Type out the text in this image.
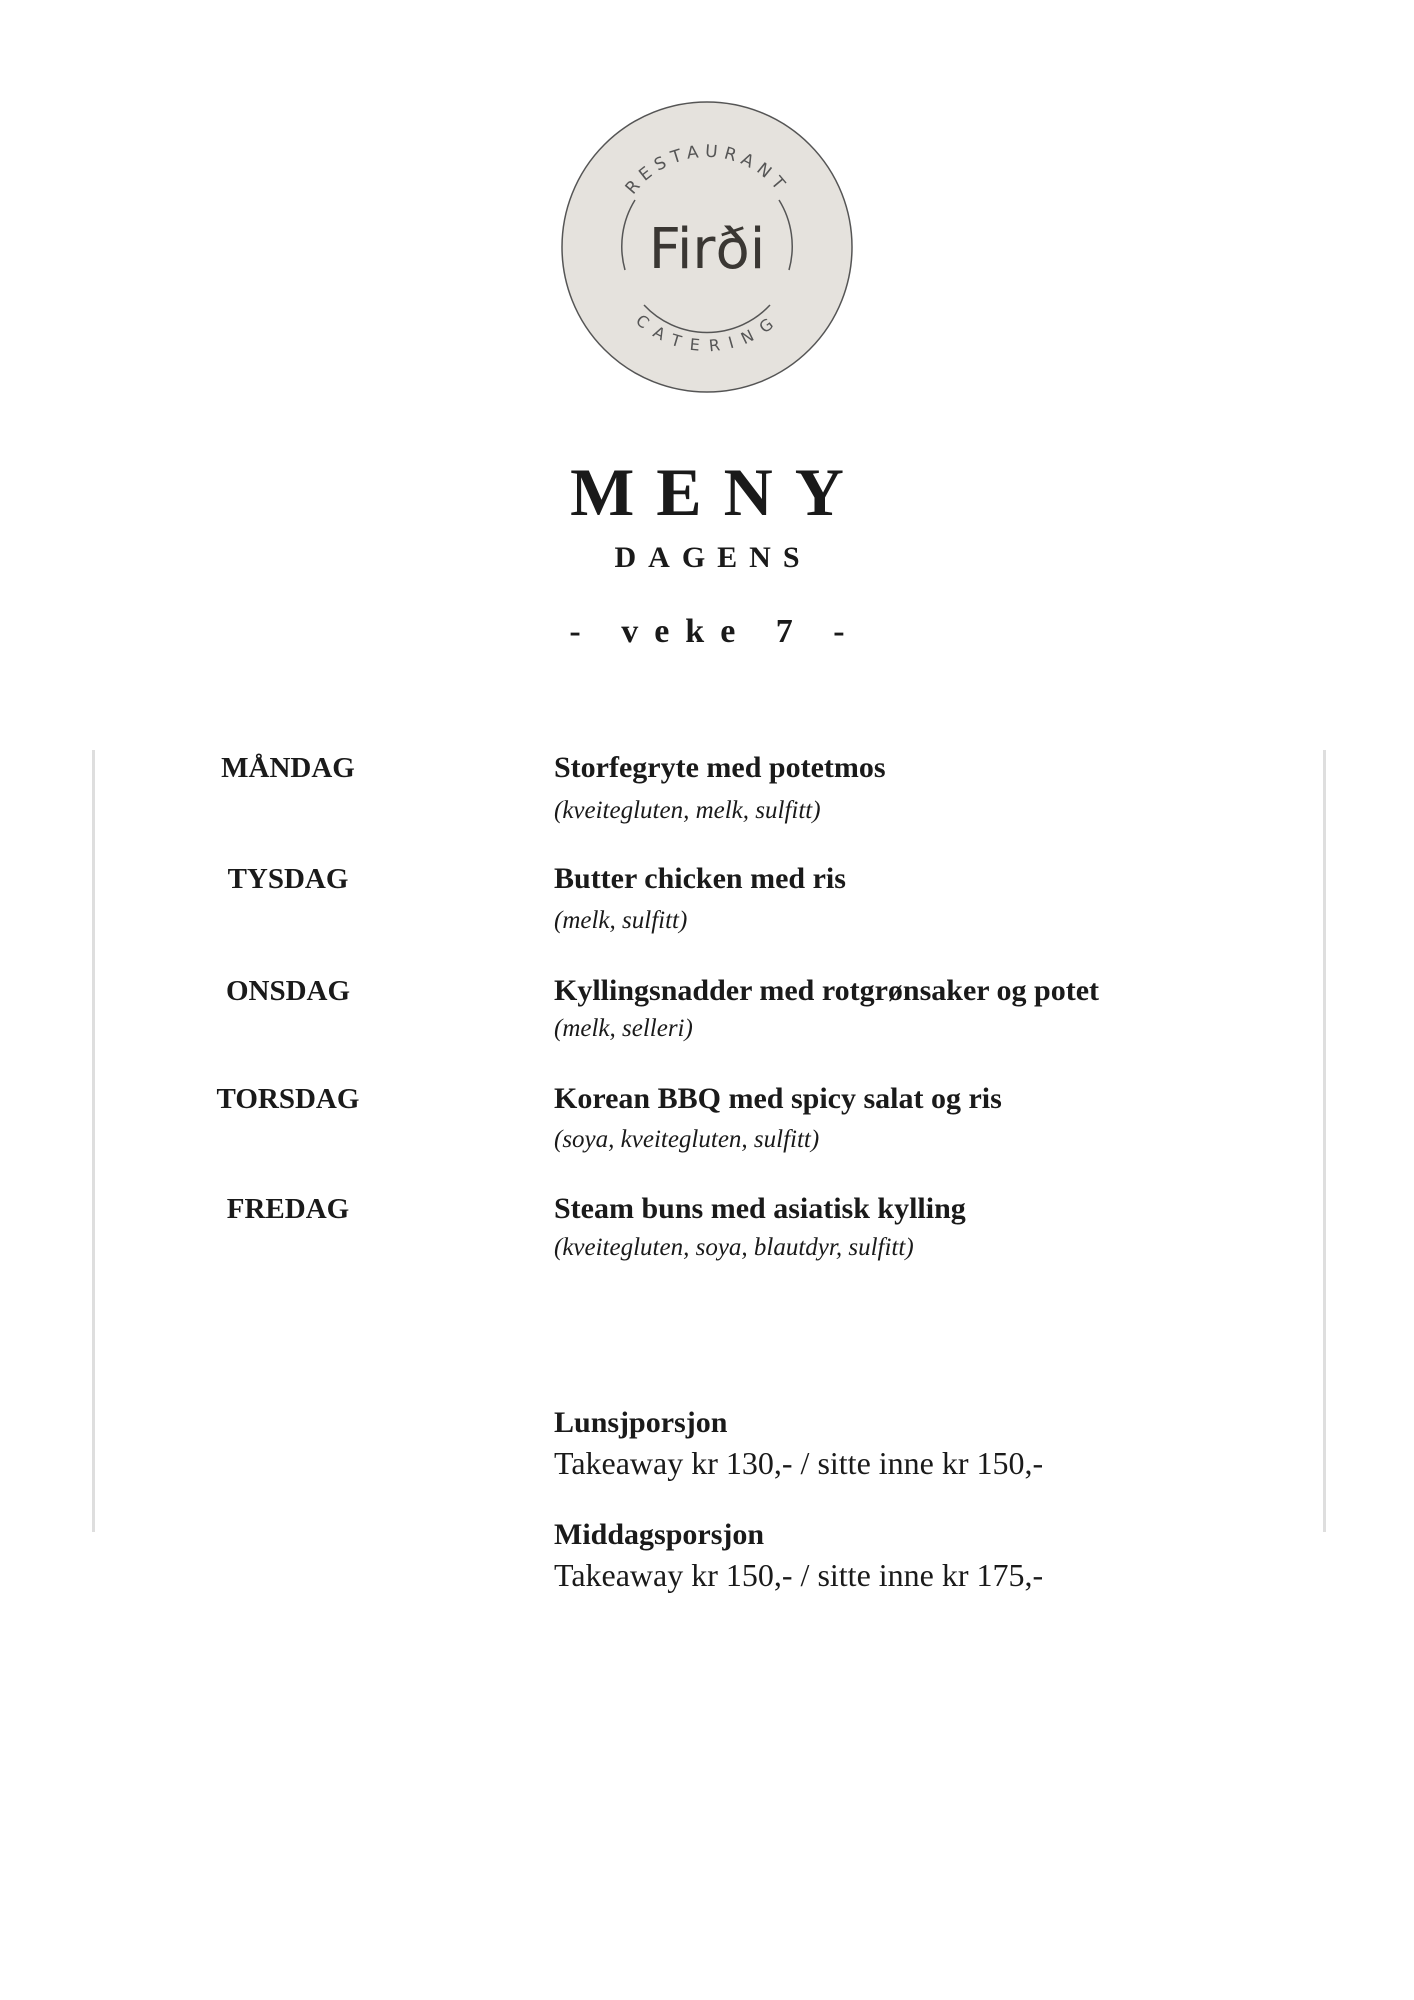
RESTAURANT
CATERING
Firði
MENY
DAGENS
- veke 7 -
MÅNDAG	Storfegryte med potetmos
(kveitegluten, melk, sulfitt)
TYSDAG	Butter chicken med ris
(melk, sulfitt)
ONSDAG	Kyllingsnadder med rotgrønsaker og potet
(melk, selleri)
TORSDAG	Korean BBQ med spicy salat og ris
(soya, kveitegluten, sulfitt)
FREDAG	Steam buns med asiatisk kylling
(kveitegluten, soya, blautdyr, sulfitt)
Lunsjporsjon
Takeaway kr 130,- / sitte inne kr 150,-
Middagsporsjon
Takeaway kr 150,- / sitte inne kr 175,-
